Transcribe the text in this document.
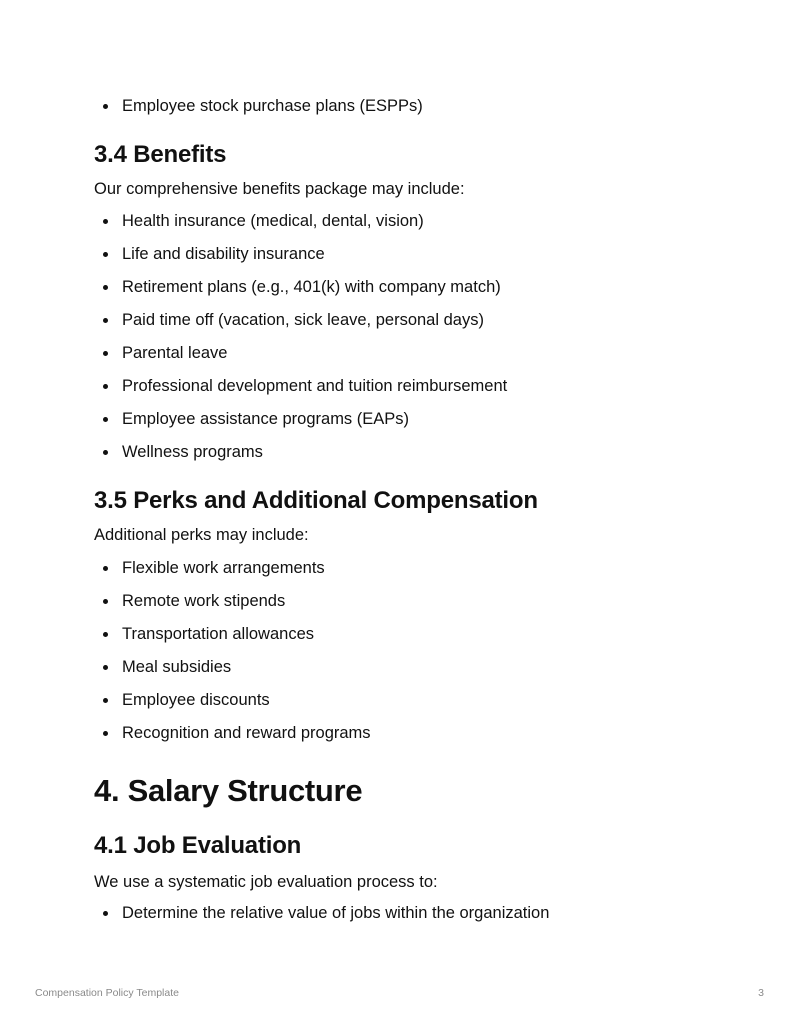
Employee stock purchase plans (ESPPs)
3.4 Benefits

Our comprehensive benefits package may include:

Health insurance (medical, dental, vision)
Life and disability insurance
Retirement plans (e.g., 401(k) with company match)
Paid time off (vacation, sick leave, personal days)
Parental leave
Professional development and tuition reimbursement
Employee assistance programs (EAPs)
Wellness programs
3.5 Perks and Additional Compensation

Additional perks may include:

Flexible work arrangements
Remote work stipends
Transportation allowances
Meal subsidies
Employee discounts
Recognition and reward programs
4. Salary Structure
4.1 Job Evaluation

We use a systematic job evaluation process to:

Determine the relative value of jobs within the organization
Compensation Policy Template	3
